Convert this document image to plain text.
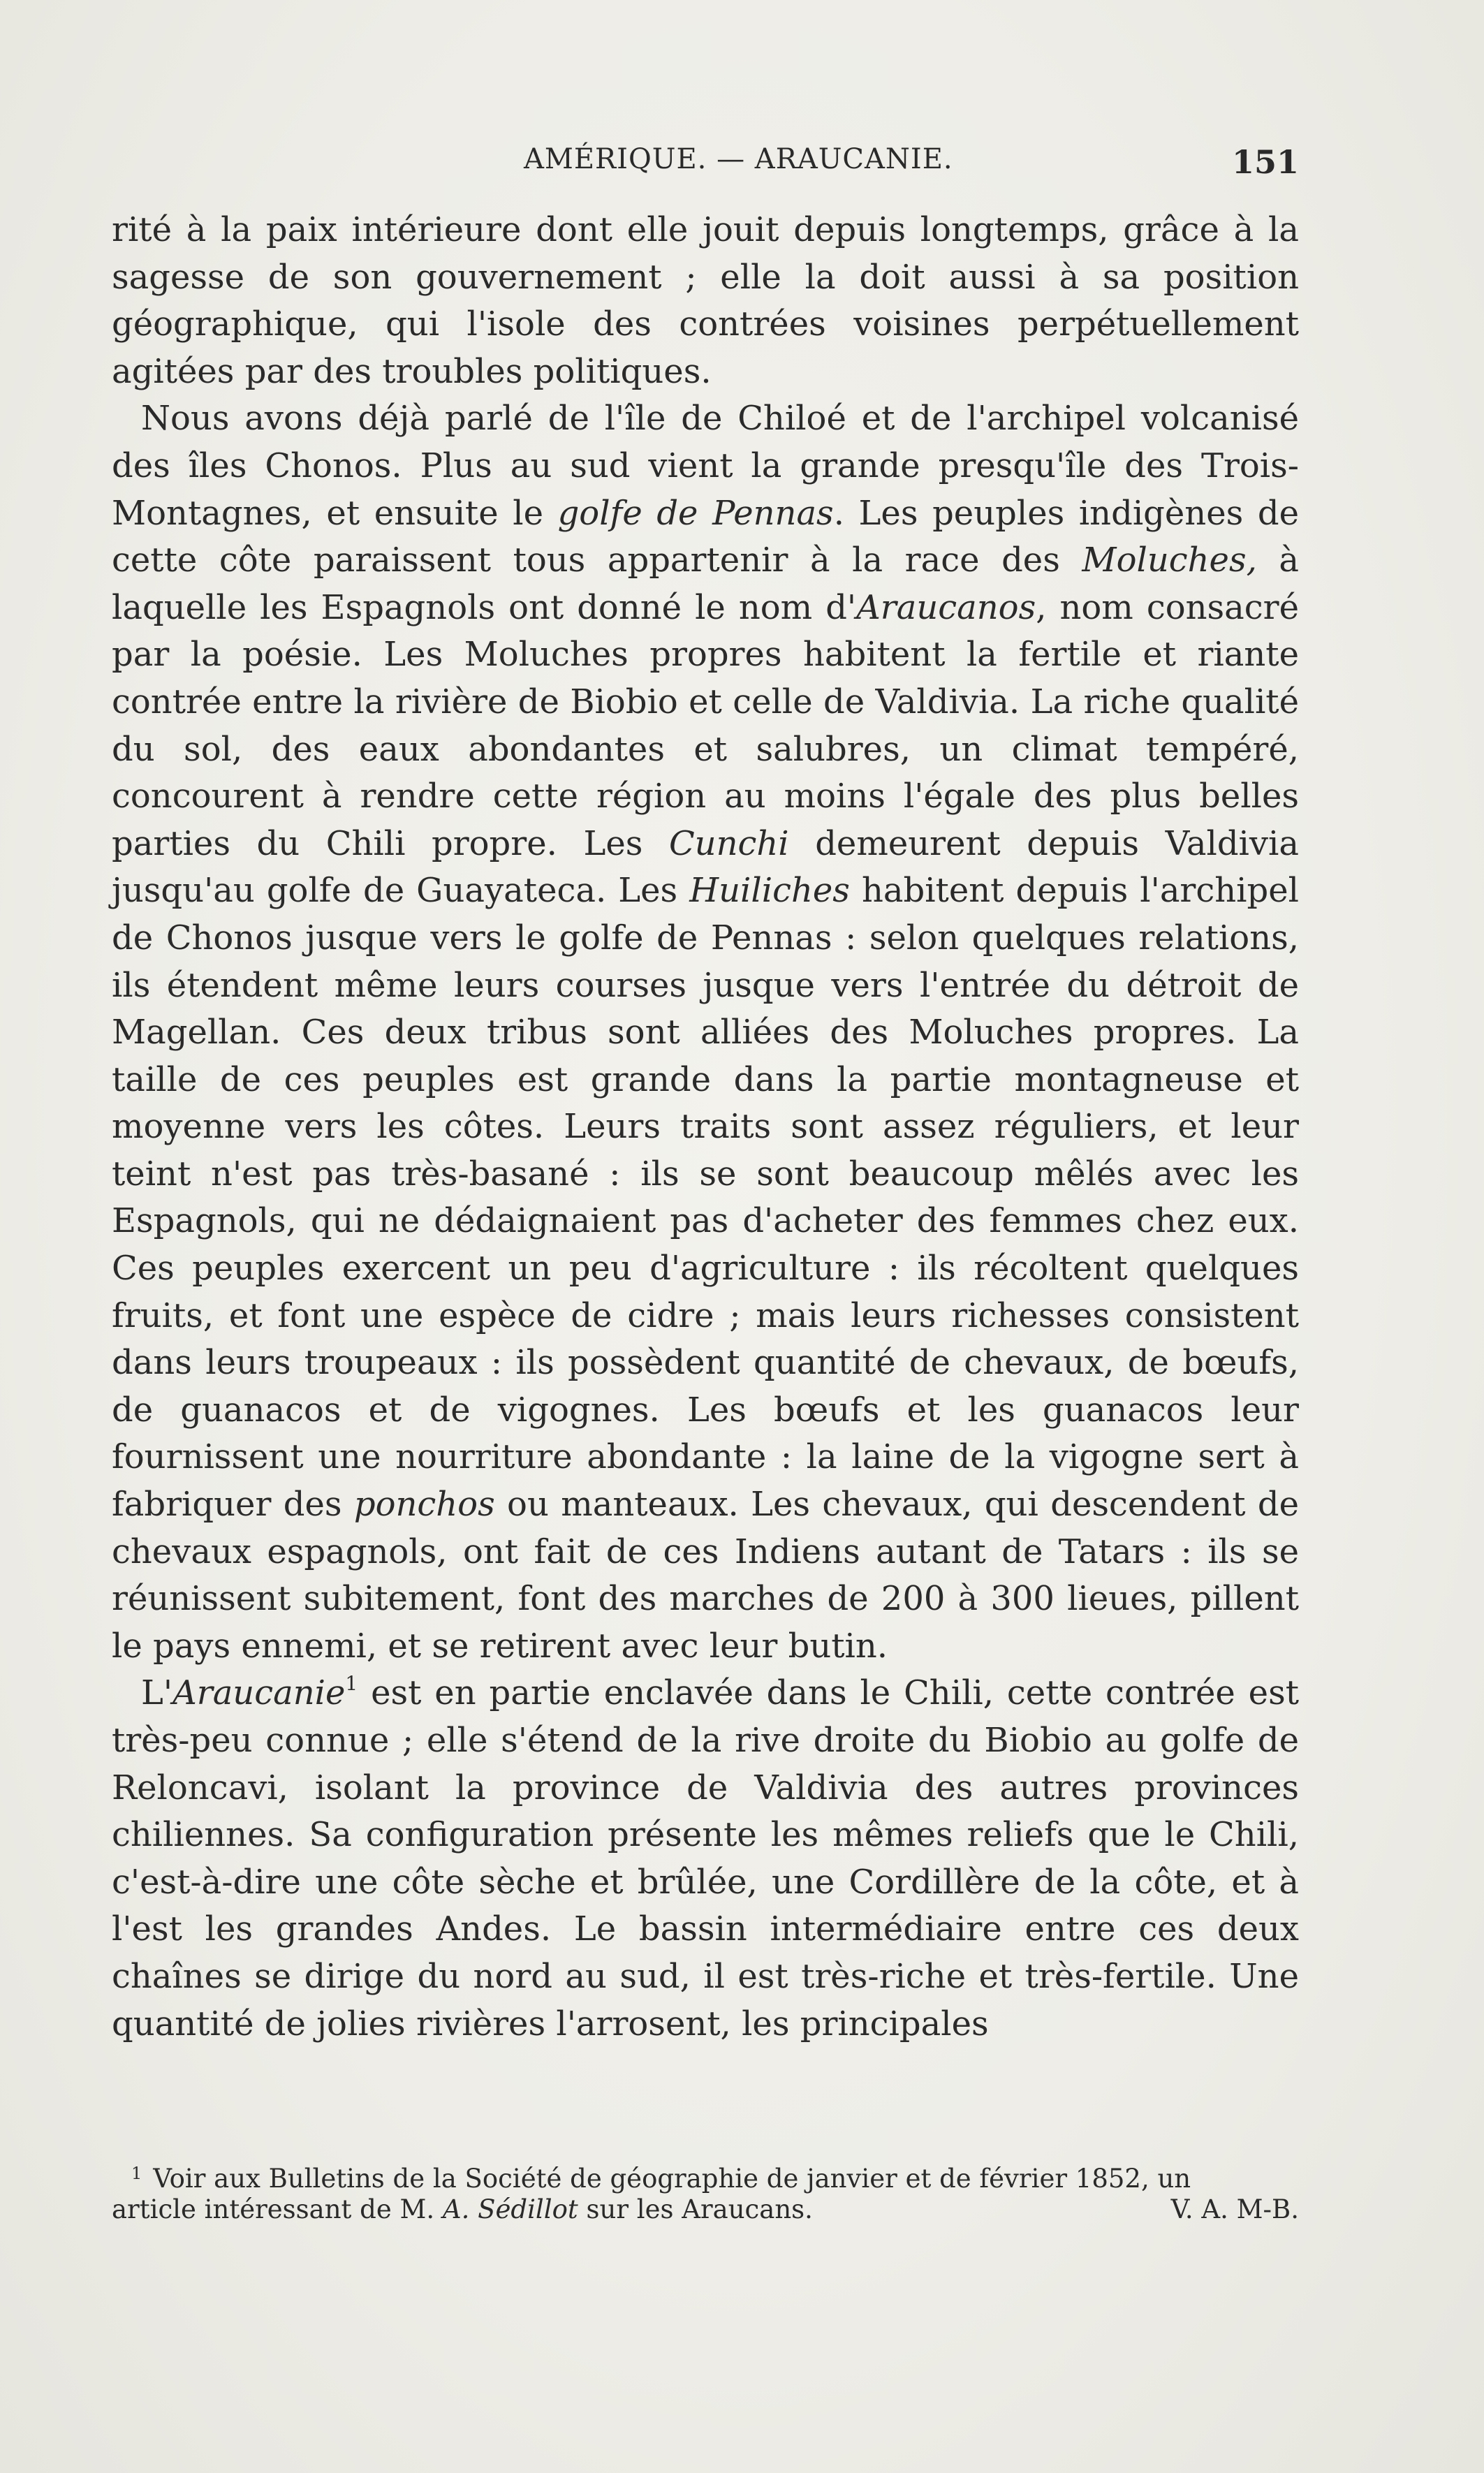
AMÉRIQUE. — ARAUCANIE.	151

rité à la paix intérieure dont elle jouit depuis longtemps, grâce à la sagesse de son gouvernement ; elle la doit aussi à sa position géographique, qui l'isole des contrées voisines perpétuellement agitées par des troubles politiques.

Nous avons déjà parlé de l'île de Chiloé et de l'archipel volcanisé des îles Chonos. Plus au sud vient la grande presqu'île des Trois-Montagnes, et ensuite le golfe de Pennas. Les peuples indigènes de cette côte paraissent tous appartenir à la race des Moluches, à laquelle les Espagnols ont donné le nom d'Araucanos, nom consacré par la poésie. Les Moluches propres habitent la fertile et riante contrée entre la rivière de Biobio et celle de Valdivia. La riche qualité du sol, des eaux abondantes et salubres, un climat tempéré, concourent à rendre cette région au moins l'égale des plus belles parties du Chili propre. Les Cunchi demeurent depuis Valdivia jusqu'au golfe de Guayateca. Les Huiliches habitent depuis l'archipel de Chonos jusque vers le golfe de Pennas : selon quelques relations, ils étendent même leurs courses jusque vers l'entrée du détroit de Magellan. Ces deux tribus sont alliées des Moluches propres. La taille de ces peuples est grande dans la partie montagneuse et moyenne vers les côtes. Leurs traits sont assez réguliers, et leur teint n'est pas très-basané : ils se sont beaucoup mêlés avec les Espagnols, qui ne dédaignaient pas d'acheter des femmes chez eux. Ces peuples exercent un peu d'agriculture : ils récoltent quelques fruits, et font une espèce de cidre ; mais leurs richesses consistent dans leurs troupeaux : ils possèdent quantité de chevaux, de bœufs, de guanacos et de vigognes. Les bœufs et les guanacos leur fournissent une nourriture abondante : la laine de la vigogne sert à fabriquer des ponchos ou manteaux. Les chevaux, qui descendent de chevaux espagnols, ont fait de ces Indiens autant de Tatars : ils se réunissent subitement, font des marches de 200 à 300 lieues, pillent le pays ennemi, et se retirent avec leur butin.

L'Araucanie$^1$ est en partie enclavée dans le Chili, cette contrée est très-peu connue ; elle s'étend de la rive droite du Biobio au golfe de Reloncavi, isolant la province de Valdivia des autres provinces chiliennes. Sa configuration présente les mêmes reliefs que le Chili, c'est-à-dire une côte sèche et brûlée, une Cordillère de la côte, et à l'est les grandes Andes. Le bassin intermédiaire entre ces deux chaînes se dirige du nord au sud, il est très-riche et très-fertile. Une quantité de jolies rivières l'arrosent, les principales

$^1$ Voir aux Bulletins de la Société de géographie de janvier et de février 1852, un
article intéressant de M. A. Sédillot sur les Araucans.	V. A. M-B.
